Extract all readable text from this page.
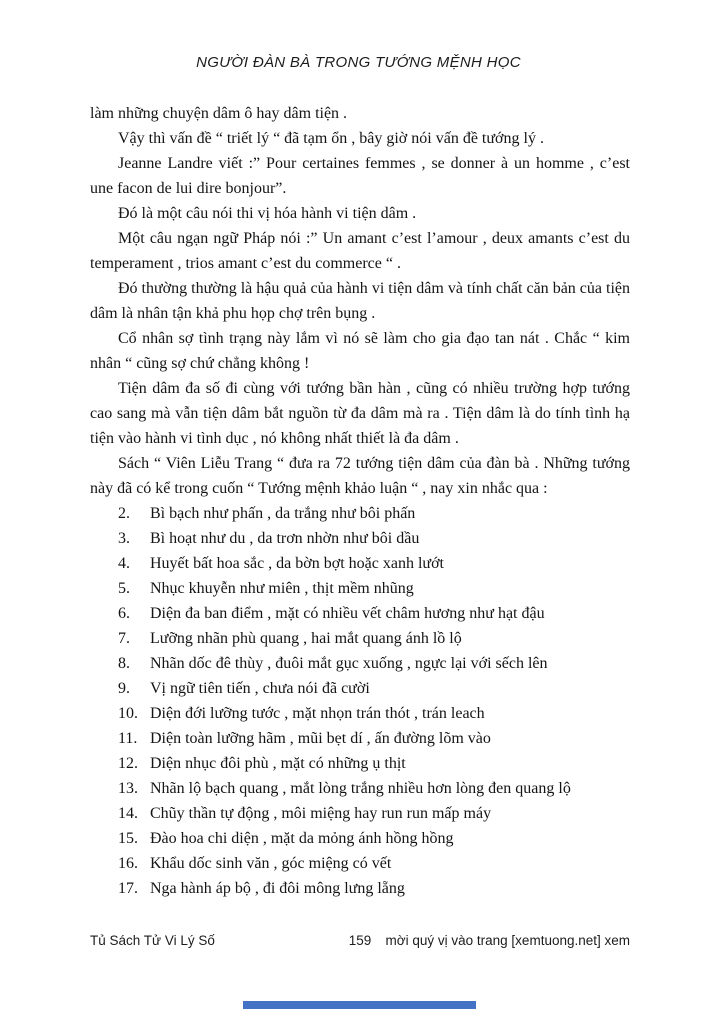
NGƯỜI ĐÀN BÀ TRONG TƯỚNG MỆNH HỌC

làm những chuyện dâm ô hay dâm tiện .

Vậy thì vấn đề “ triết lý “ đã tạm ổn , bây giờ nói vấn đề tướng lý .

Jeanne Landre viết :” Pour certaines femmes , se donner à un homme , c’est une facon de lui dire bonjour”.

Đó là một câu nói thi vị hóa hành vi tiện dâm .

Một câu ngạn ngữ Pháp nói :” Un amant c’est l’amour , deux amants c’est du temperament , trios amant c’est du commerce “ .

Đó thường thường là hậu quả của hành vi tiện dâm và tính chất căn bản của tiện dâm là nhân tận khả phu họp chợ trên bụng .

Cổ nhân sợ tình trạng này lắm vì nó sẽ làm cho gia đạo tan nát . Chắc “ kim nhân “ cũng sợ chứ chẳng không !

Tiện dâm đa số đi cùng với tướng bần hàn , cũng có nhiều trường hợp tướng cao sang mà vẫn tiện dâm bắt nguồn từ đa dâm mà ra . Tiện dâm là do tính tình hạ tiện vào hành vi tình dục , nó không nhất thiết là đa dâm .

Sách “ Viên Liễu Trang “ đưa ra 72 tướng tiện dâm của đàn bà . Những tướng này đã có kể trong cuốn “ Tướng mệnh khảo luận “ , nay xin nhắc qua :

2.	Bì bạch như phấn , da trắng như bôi phấn
3.	Bì hoạt như du , da trơn nhờn như bôi dầu
4.	Huyết bất hoa sắc , da bờn bợt hoặc xanh lướt
5.	Nhục khuyễn như miên , thịt mềm nhũng
6.	Diện đa ban điểm , mặt có nhiều vết châm hương như hạt đậu
7.	Lưỡng nhãn phù quang , hai mắt quang ánh lồ lộ
8.	Nhãn dốc đê thùy , đuôi mắt gục xuống , ngực lại với sếch lên
9.	Vị ngữ tiên tiến , chưa nói đã cười
10. Diện đới lưỡng tước , mặt nhọn trán thót , trán leach
11. Diện toàn lưỡng hãm , mũi bẹt dí , ấn đường lõm vào
12. Diện nhục đôi phù , mặt có những ụ thịt
13. Nhãn lộ bạch quang , mắt lòng trắng nhiều hơn lòng đen quang lộ
14. Chũy thần tự động , môi miệng hay run run mấp máy
15. Đào hoa chi diện , mặt da mỏng ánh hồng hồng
16. Khẩu dốc sinh văn , góc miệng có vết
17. Nga hành áp bộ , đi đôi mông lưng lẵng
Tủ Sách Tử Vi Lý Số	159	mời quý vị vào trang [xemtuong.net] xem
